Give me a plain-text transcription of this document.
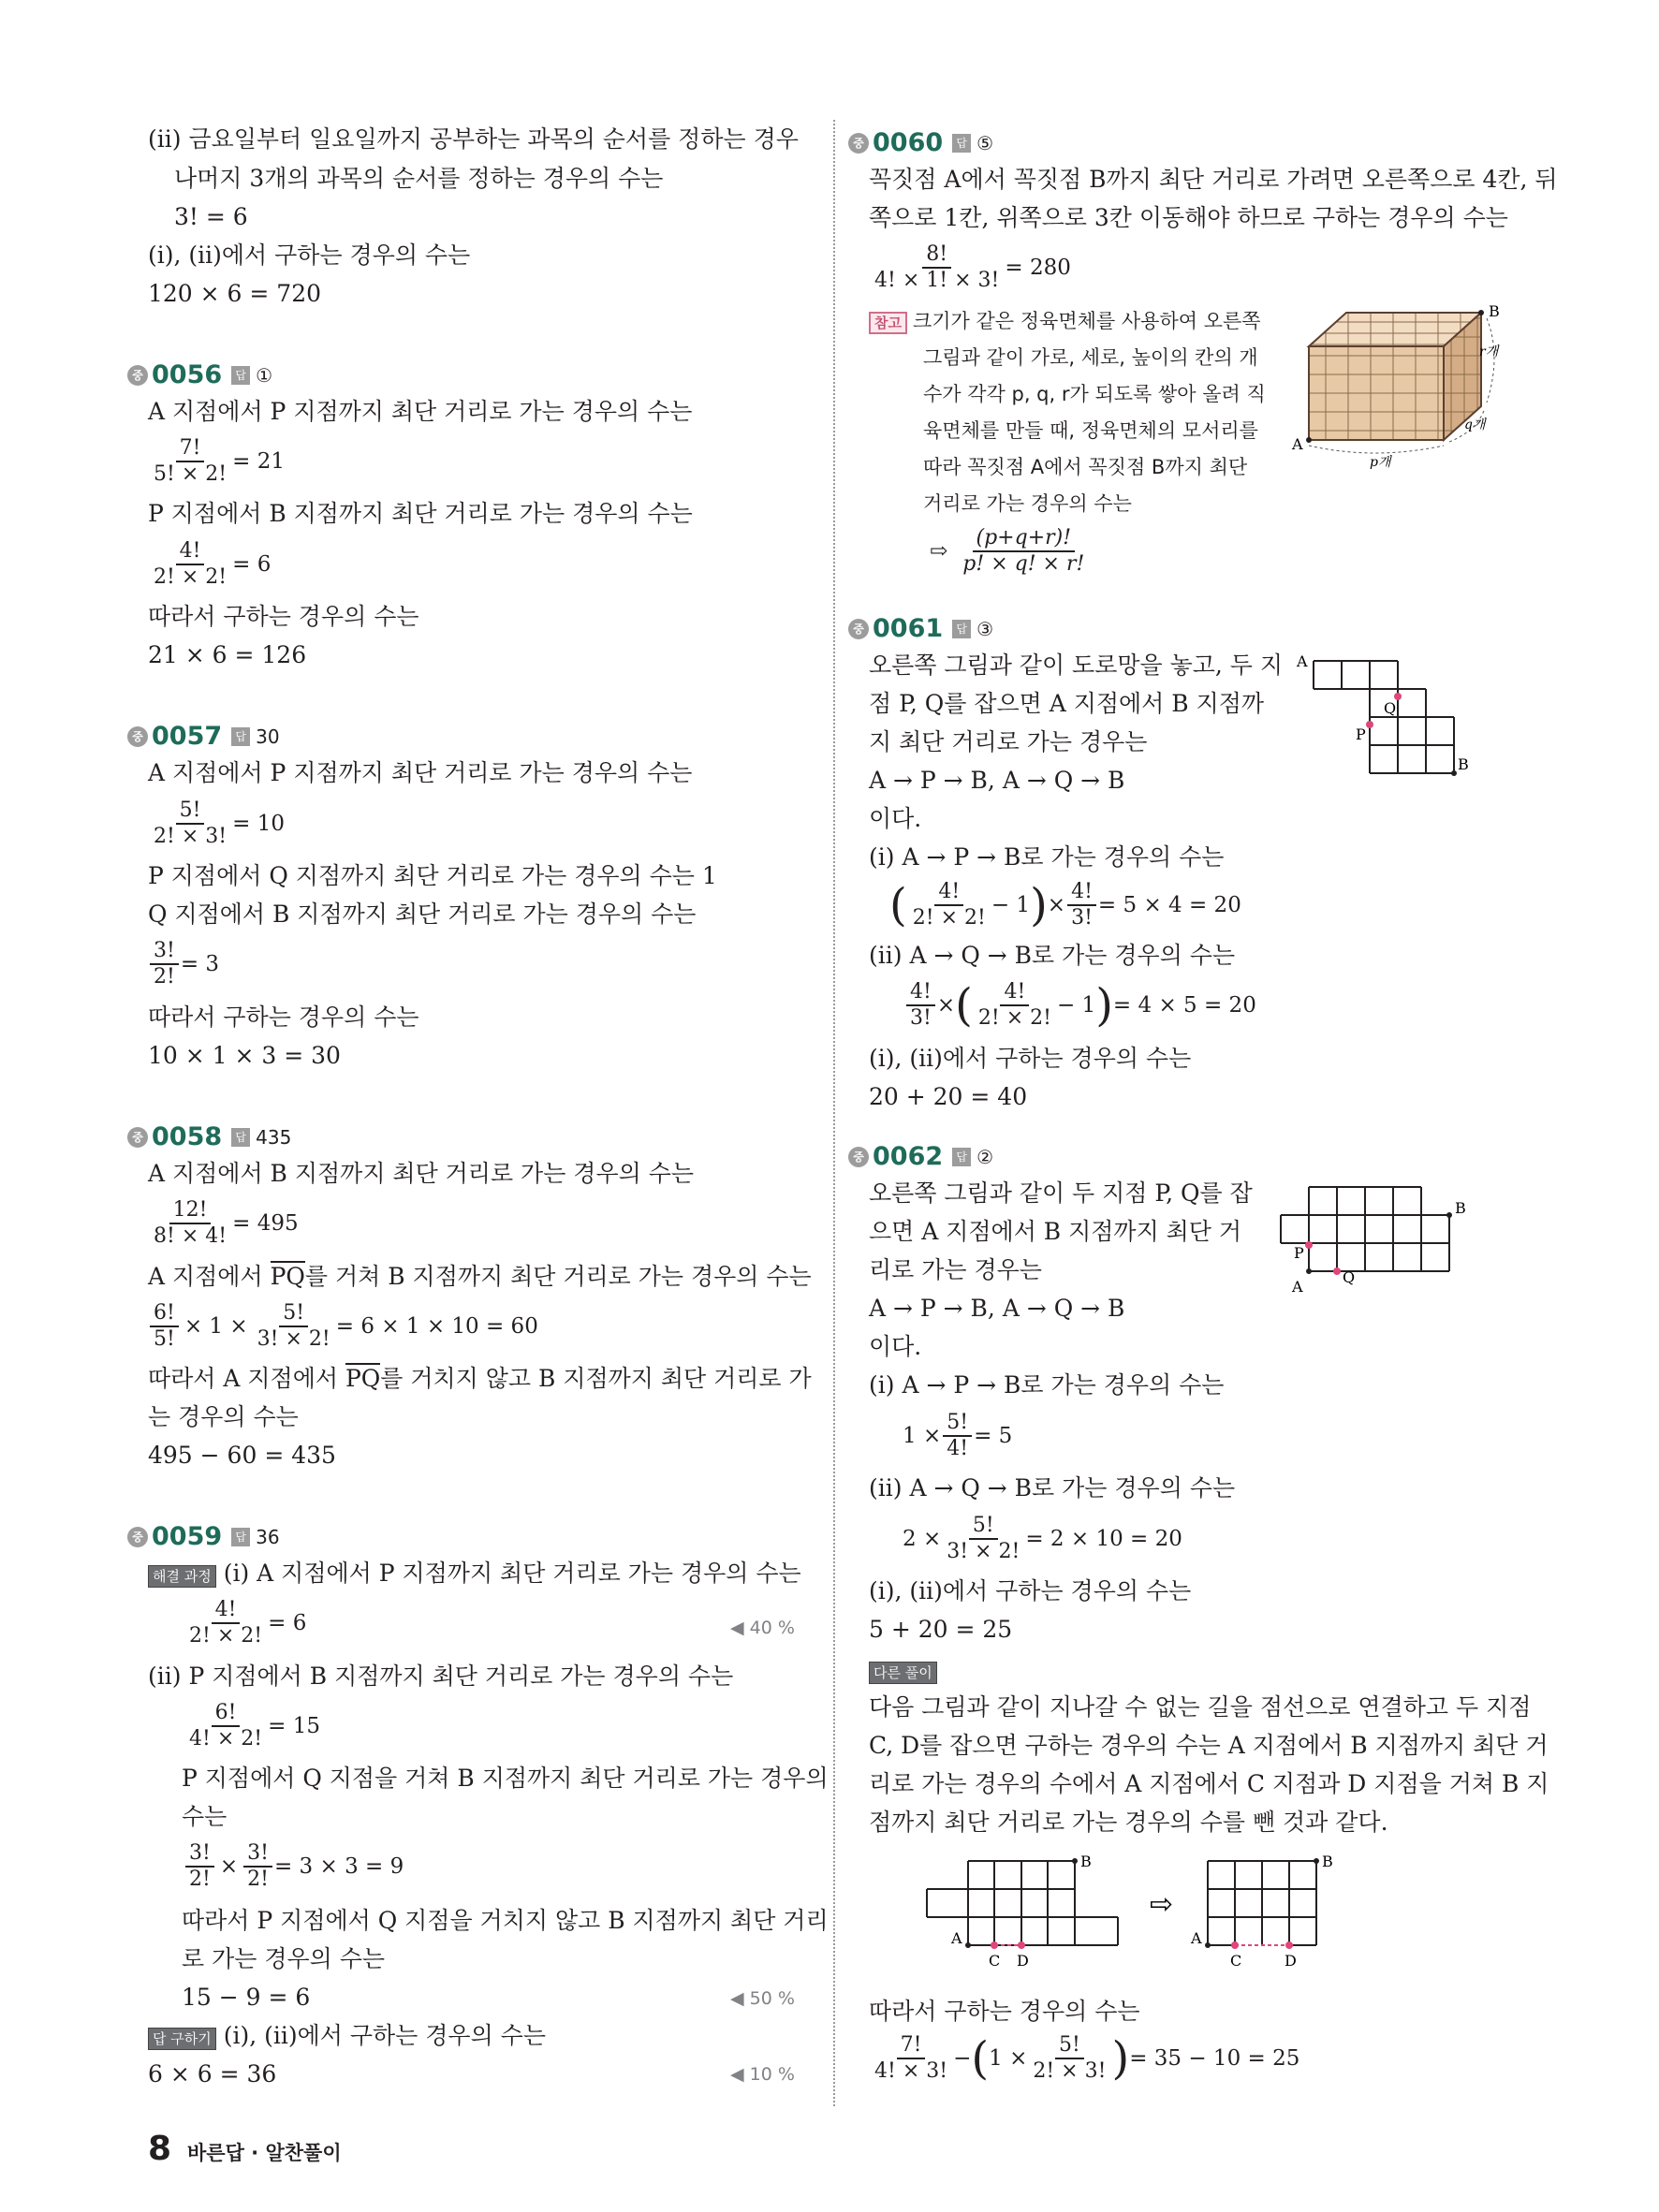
(ⅱ) 금요일부터 일요일까지 공부하는 과목의 순서를 정하는 경우
나머지 3개의 과목의 순서를 정하는 경우의 수는
3! = 6
(ⅰ), (ⅱ)에서 구하는 경우의 수는
120 × 6 = 720
중 0056	답 ①
A 지점에서 P 지점까지 최단 거리로 가는 경우의 수는
$\frac{7!}{5! \times 2!} = 21$
P 지점에서 B 지점까지 최단 거리로 가는 경우의 수는
$\frac{4!}{2! \times 2!} = 6$
따라서 구하는 경우의 수는
21 × 6 = 126
중 0057	답 30
A 지점에서 P 지점까지 최단 거리로 가는 경우의 수는
$\frac{5!}{2! \times 3!} = 10$
P 지점에서 Q 지점까지 최단 거리로 가는 경우의 수는 1
Q 지점에서 B 지점까지 최단 거리로 가는 경우의 수는
$\frac{3!}{2!} = 3$
따라서 구하는 경우의 수는
10 × 1 × 3 = 30
중 0058	답 435
A 지점에서 B 지점까지 최단 거리로 가는 경우의 수는
$\frac{12!}{8! \times 4!} = 495$
A 지점에서 PQ를 거쳐 B 지점까지 최단 거리로 가는 경우의 수는
$\frac{6!}{5!} \times 1 \times \frac{5!}{3! \times 2!} = 6 \times 1 \times 10 = 60$
따라서 A 지점에서 PQ를 거치지 않고 B 지점까지 최단 거리로 가
는 경우의 수는
495 − 60 = 435
중 0059	답 36
해결 과정 (ⅰ) A 지점에서 P 지점까지 최단 거리로 가는 경우의 수는
$\frac{4!}{2! \times 2!} = 6$	◀ 40 %
(ⅱ) P 지점에서 B 지점까지 최단 거리로 가는 경우의 수는
$\frac{6!}{4! \times 2!} = 15$
P 지점에서 Q 지점을 거쳐 B 지점까지 최단 거리로 가는 경우의
수는
$\frac{3!}{2!} \times \frac{3!}{2!} = 3 \times 3 = 9$
따라서 P 지점에서 Q 지점을 거치지 않고 B 지점까지 최단 거리
로 가는 경우의 수는
15 − 9 = 6	◀ 50 %
답 구하기 (ⅰ), (ⅱ)에서 구하는 경우의 수는
6 × 6 = 36	◀ 10 %
중 0060	답 ⑤
꼭짓점 A에서 꼭짓점 B까지 최단 거리로 가려면 오른쪽으로 4칸, 뒤
쪽으로 1칸, 위쪽으로 3칸 이동해야 하므로 구하는 경우의 수는
$\frac{8!}{4! \times 1! \times 3!} = 280$
참고 크기가 같은 정육면체를 사용하여 오른쪽
그림과 같이 가로, 세로, 높이의 칸의 개
수가 각각 p, q, r가 되도록 쌓아 올려 직
육면체를 만들 때, 정육면체의 모서리를
따라 꼭짓점 A에서 꼭짓점 B까지 최단
거리로 가는 경우의 수는
⇨ $\frac{(p+q+r)!}{p! \times q! \times r!}$
A
B
p개
q개
r개
중 0061	답 ③
오른쪽 그림과 같이 도로망을 놓고, 두 지
점 P, Q를 잡으면 A 지점에서 B 지점까
지 최단 거리로 가는 경우는
A → P → B, A → Q → B
이다.
(ⅰ) A → P → B로 가는 경우의 수는
( $\frac{4!}{2! \times 2!} - 1$ ) × $\frac{4!}{3!} = 5 \times 4 = 20$
(ⅱ) A → Q → B로 가는 경우의 수는
$\frac{4!}{3!}$ × ( $\frac{4!}{2! \times 2!} - 1$ ) = 4 × 5 = 20
(ⅰ), (ⅱ)에서 구하는 경우의 수는
20 + 20 = 40
A
B
P
Q
중 0062	답 ②
오른쪽 그림과 같이 두 지점 P, Q를 잡
으면 A 지점에서 B 지점까지 최단 거
리로 가는 경우는
A → P → B, A → Q → B
이다.
(ⅰ) A → P → B로 가는 경우의 수는
$1 \times \frac{5!}{4!} = 5$
(ⅱ) A → Q → B로 가는 경우의 수는
$2 \times \frac{5!}{3! \times 2!} = 2 \times 10 = 20$
(ⅰ), (ⅱ)에서 구하는 경우의 수는
5 + 20 = 25
다른 풀이
다음 그림과 같이 지나갈 수 없는 길을 점선으로 연결하고 두 지점
C, D를 잡으면 구하는 경우의 수는 A 지점에서 B 지점까지 최단 거
리로 가는 경우의 수에서 A 지점에서 C 지점과 D 지점을 거쳐 B 지
점까지 최단 거리로 가는 경우의 수를 뺀 것과 같다.
B
P
Q
A
B
A
C D
⇨
B
A
C	D
따라서 구하는 경우의 수는
$\frac{7!}{4! \times 3!}$ − ( $1 \times \frac{5!}{2! \times 3!}$ ) = 35 − 10 = 25
8 바른답 · 알찬풀이
